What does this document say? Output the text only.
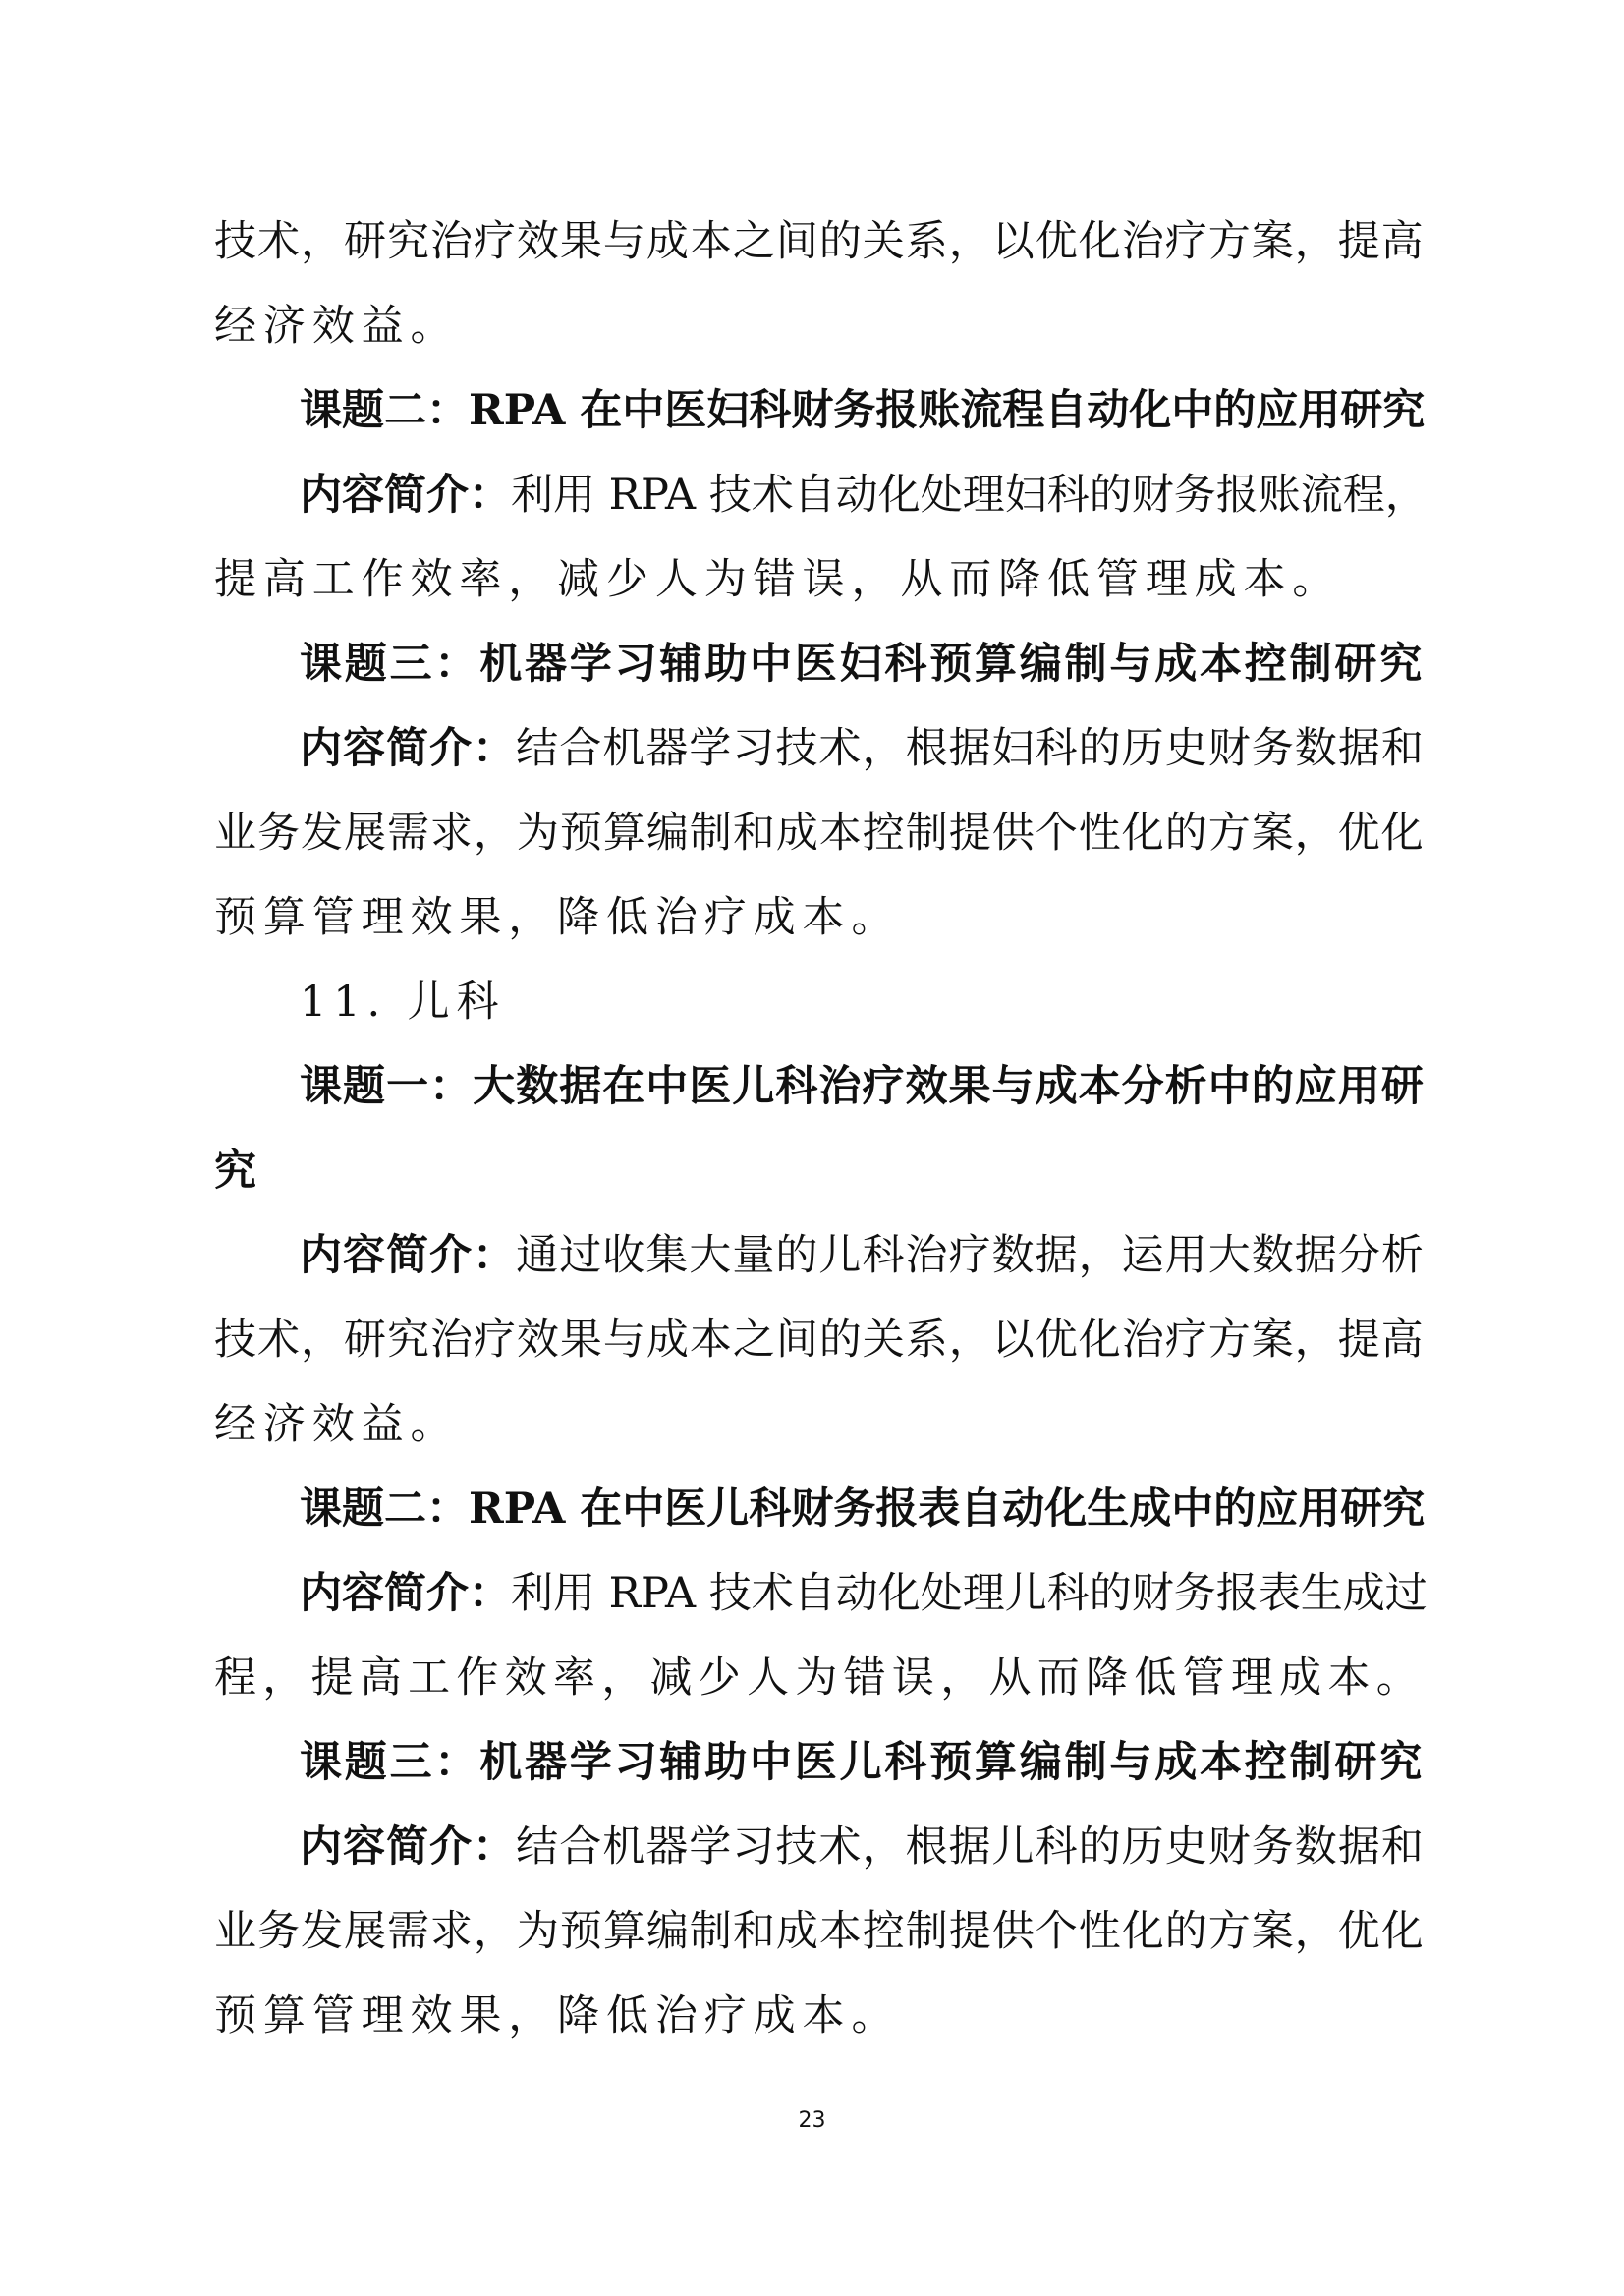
技术，研究治疗效果与成本之间的关系，以优化治疗方案，提高
经济效益。
课题二：RPA 在中医妇科财务报账流程自动化中的应用研究
内容简介：利用 RPA 技术自动化处理妇科的财务报账流程，
提高工作效率，减少人为错误，从而降低管理成本。
课题三：机器学习辅助中医妇科预算编制与成本控制研究
内容简介：结合机器学习技术，根据妇科的历史财务数据和
业务发展需求，为预算编制和成本控制提供个性化的方案，优化
预算管理效果，降低治疗成本。
11. 儿科
课题一：大数据在中医儿科治疗效果与成本分析中的应用研
究
内容简介：通过收集大量的儿科治疗数据，运用大数据分析
技术，研究治疗效果与成本之间的关系，以优化治疗方案，提高
经济效益。
课题二：RPA 在中医儿科财务报表自动化生成中的应用研究
内容简介：利用 RPA 技术自动化处理儿科的财务报表生成过
程，提高工作效率，减少人为错误，从而降低管理成本。
课题三：机器学习辅助中医儿科预算编制与成本控制研究
内容简介：结合机器学习技术，根据儿科的历史财务数据和
业务发展需求，为预算编制和成本控制提供个性化的方案，优化
预算管理效果，降低治疗成本。
23
